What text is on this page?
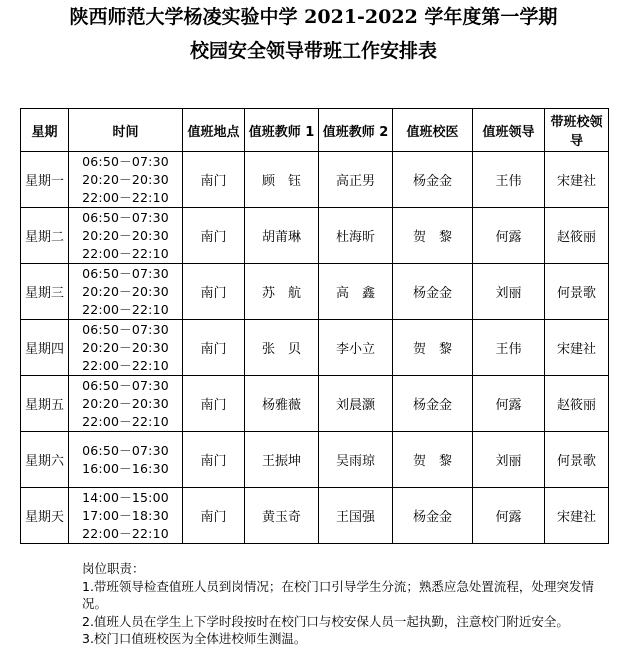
陕西师范大学杨凌实验中学 2021-2022 学年度第一学期
校园安全领导带班工作安排表
星期	时间	值班地点	值班教师 1	值班教师 2	值班校医	值班领导	带班校领导
星期一	06:50－07:30
20:20－20:30
22:00－22:10	南门	顾　钰	高正男	杨金金	王伟	宋建社
星期二	06:50－07:30
20:20－20:30
22:00－22:10	南门	胡莆琳	杜海昕	贺　黎	何露	赵筱丽
星期三	06:50－07:30
20:20－20:30
22:00－22:10	南门	苏　航	高　鑫	杨金金	刘丽	何景歌
星期四	06:50－07:30
20:20－20:30
22:00－22:10	南门	张　贝	李小立	贺　黎	王伟	宋建社
星期五	06:50－07:30
20:20－20:30
22:00－22:10	南门	杨雅薇	刘晨灏	杨金金	何露	赵筱丽
星期六	06:50－07:30
16:00－16:30	南门	王振坤	吴雨琼	贺　黎	刘丽	何景歌
星期天	14:00－15:00
17:00－18:30
22:00－22:10	南门	黄玉奇	王国强	杨金金	何露	宋建社

岗位职责：

1.带班领导检查值班人员到岗情况；在校门口引导学生分流；熟悉应急处置流程，处理突发情况。

2.值班人员在学生上下学时段按时在校门口与校安保人员一起执勤，注意校门附近安全。

3.校门口值班校医为全体进校师生测温。
